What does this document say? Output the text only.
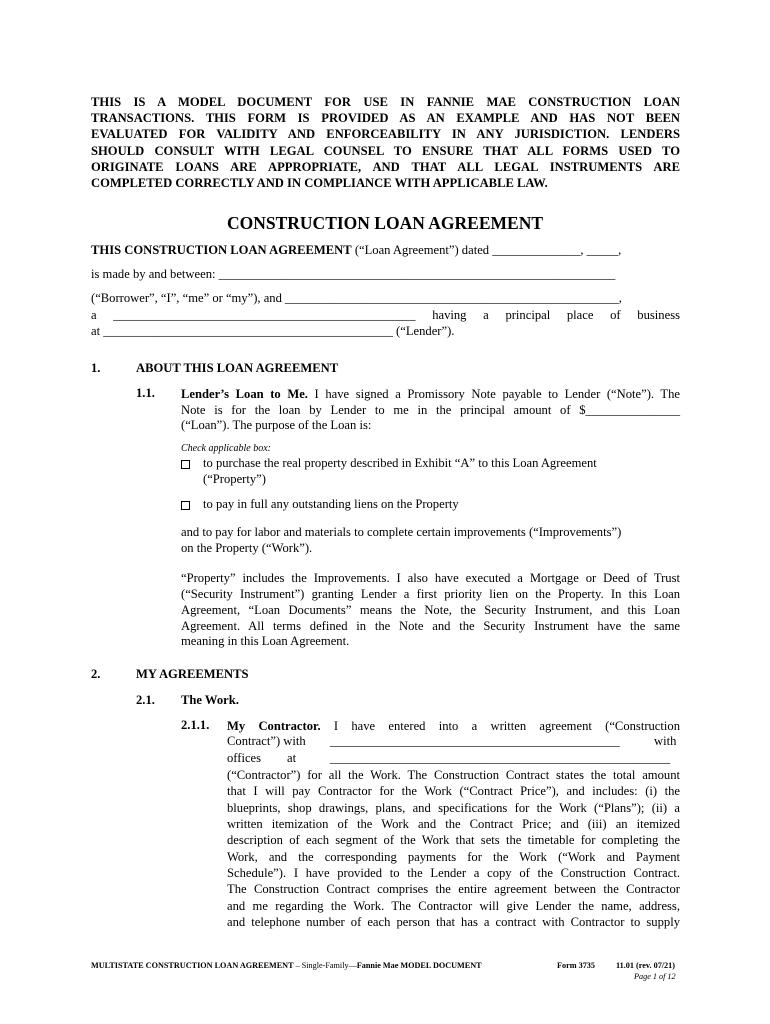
THIS IS A MODEL DOCUMENT FOR USE IN FANNIE MAE CONSTRUCTION LOAN
TRANSACTIONS. THIS FORM IS PROVIDED AS AN EXAMPLE AND HAS NOT BEEN
EVALUATED FOR VALIDITY AND ENFORCEABILITY IN ANY JURISDICTION. LENDERS
SHOULD CONSULT WITH LEGAL COUNSEL TO ENSURE THAT ALL FORMS USED TO
ORIGINATE LOANS ARE APPROPRIATE, AND THAT ALL LEGAL INSTRUMENTS ARE
COMPLETED CORRECTLY AND IN COMPLIANCE WITH APPLICABLE LAW.
CONSTRUCTION LOAN AGREEMENT
THIS CONSTRUCTION LOAN AGREEMENT (“Loan Agreement”) dated ______________, _____,
is made by and between: _______________________________________________________________
(“Borrower”, “I”, “me” or “my”), and _____________________________________________________,
a ________________________________________________ having a principal place of business
at ______________________________________________ (“Lender”).
1.	ABOUT THIS LOAN AGREEMENT
1.1. Lender’s Loan to Me. I have signed a Promissory Note payable to Lender (“Note”). The
Note is for the loan by Lender to me in the principal amount of $_______________
(“Loan”). The purpose of the Loan is:
Check applicable box:
to purchase the real property described in Exhibit “A” to this Loan Agreement
(“Property”)
to pay in full any outstanding liens on the Property
and to pay for labor and materials to complete certain improvements (“Improvements”)
on the Property (“Work”).
“Property” includes the Improvements. I also have executed a Mortgage or Deed of Trust
(“Security Instrument”) granting Lender a first priority lien on the Property. In this Loan
Agreement, “Loan Documents” means the Note, the Security Instrument, and this Loan
Agreement. All terms defined in the Note and the Security Instrument have the same
meaning in this Loan Agreement.
2.	MY AGREEMENTS
2.1. The Work.
2.1.1. My Contractor. I have entered into a written agreement (“Construction
Contract”) with ______________________________________________	with
offices at	______________________________________________________
(“Contractor”) for all the Work. The Construction Contract states the total amount
that I will pay Contractor for the Work (“Contract Price”), and includes: (i) the
blueprints, shop drawings, plans, and specifications for the Work (“Plans”); (ii) a
written itemization of the Work and the Contract Price; and (iii) an itemized
description of each segment of the Work that sets the timetable for completing the
Work, and the corresponding payments for the Work (“Work and Payment
Schedule”). I have provided to the Lender a copy of the Construction Contract.
The Construction Contract comprises the entire agreement between the Contractor
and me regarding the Work. The Contractor will give Lender the name, address,
and telephone number of each person that has a contract with Contractor to supply
MULTISTATE CONSTRUCTION LOAN AGREEMENT – Single-Family—Fannie Mae MODEL DOCUMENT	Form 3735	11.01 (rev. 07/21)
Page 1 of 12
